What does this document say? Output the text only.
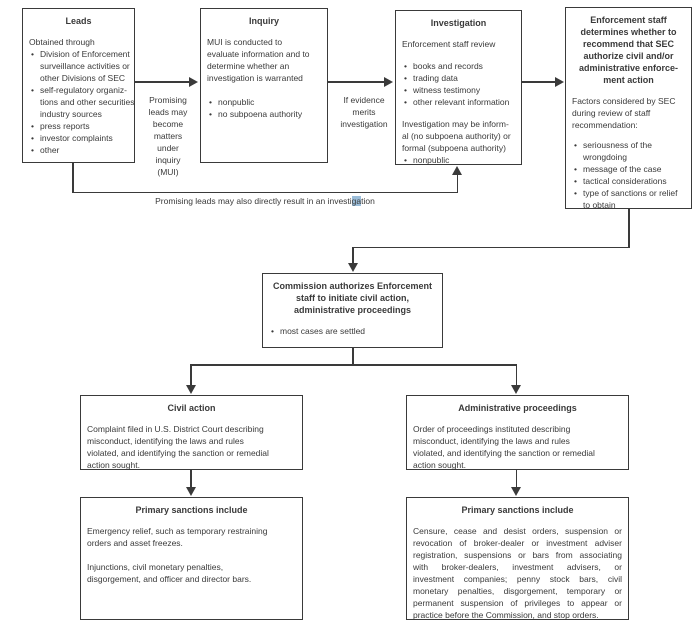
Leads
Obtained through
• Division of Enforcement
surveillance activities or
other Divisions of SEC
• self-regulatory organiz-
tions and other securities
industry sources
• press reports
• investor complaints
• other
Inquiry
MUI is conducted to
evaluate information and to
determine whether an
investigation is warranted
• nonpublic
• no subpoena authority
Investigation
Enforcement staff review
• books and records
• trading data
• witness testimony
• other relevant information
Investigation may be inform-
al (no subpoena authority) or
formal (subpoena authority)
• nonpublic
Enforcement staff
determines whether to
recommend that SEC
authorize civil and/or
administrative enforce-
ment action
Factors considered by SEC
during review of staff
recommendation:
• seriousness of the
wrongdoing
• message of the case
• tactical considerations
• type of sanctions or relief
to obtain
Commission authorizes Enforcement
staff to initiate civil action,
administrative proceedings
• most cases are settled
Civil action
Complaint filed in U.S. District Court describing
misconduct, identifying the laws and rules
violated, and identifying the sanction or remedial
action sought.
Administrative proceedings
Order of proceedings instituted describing
misconduct, identifying the laws and rules
violated, and identifying the sanction or remedial
action sought.
Primary sanctions include
Emergency relief, such as temporary restraining
orders and asset freezes.
Injunctions, civil monetary penalties,
disgorgement, and officer and director bars.
Primary sanctions include
Censure, cease and desist orders, suspension or
revocation of broker-dealer or investment adviser
registration, suspensions or bars from associating
with broker-dealers, investment advisers, or
investment companies; penny stock bars, civil
monetary penalties, disgorgement, temporary or
permanent suspension of privileges to appear or
practice before the Commission, and stop orders.
Promising
leads may
become
matters
under
inquiry
(MUI)
If evidence
merits
investigation
Promising leads may also directly result in an investigation
